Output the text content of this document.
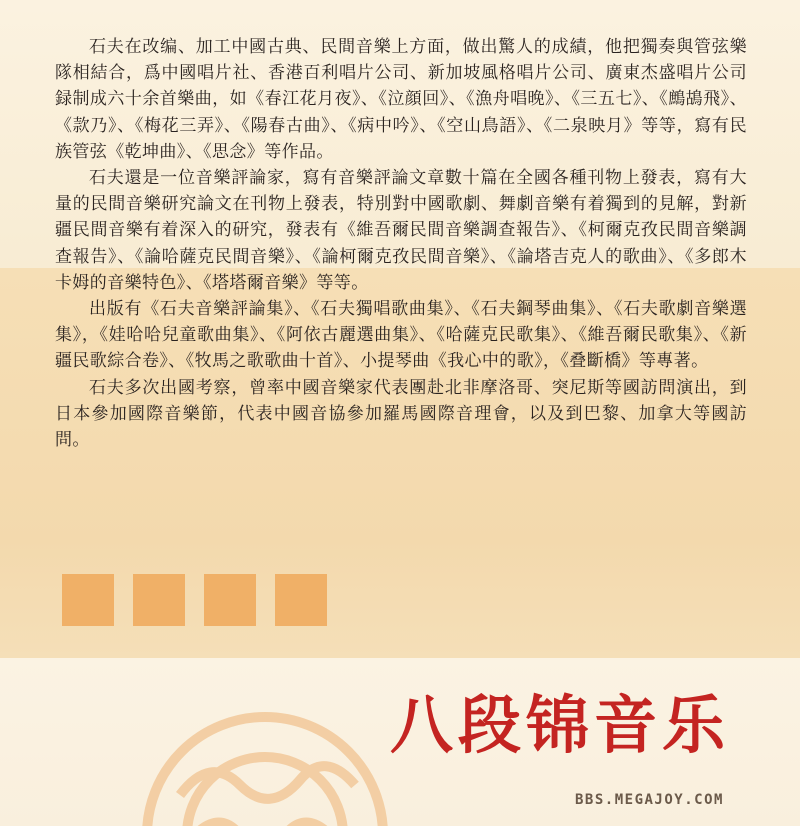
石夫在改编、加工中國古典、民間音樂上方面，做出驚人的成績，他把獨奏與管弦樂隊相結合，爲中國唱片社、香港百利唱片公司、新加坡風格唱片公司、廣東杰盛唱片公司録制成六十余首樂曲，如《春江花月夜》、《泣顔回》、《漁舟唱晚》、《三五七》、《鷓鴣飛》、《款乃》、《梅花三弄》、《陽春古曲》、《病中吟》、《空山鳥語》、《二泉映月》等等，寫有民族管弦《乾坤曲》、《思念》等作品。

石夫還是一位音樂評論家，寫有音樂評論文章數十篇在全國各種刊物上發表，寫有大量的民間音樂研究論文在刊物上發表，特別對中國歌劇、舞劇音樂有着獨到的見解，對新疆民間音樂有着深入的研究，發表有《維吾爾民間音樂調查報告》、《柯爾克孜民間音樂調查報告》、《論哈薩克民間音樂》、《論柯爾克孜民間音樂》、《論塔吉克人的歌曲》、《多郎木卡姆的音樂特色》、《塔塔爾音樂》等等。

出版有《石夫音樂評論集》、《石夫獨唱歌曲集》、《石夫鋼琴曲集》、《石夫歌劇音樂選集》，《娃哈哈兒童歌曲集》、《阿依古麗選曲集》、《哈薩克民歌集》、《維吾爾民歌集》、《新疆民歌綜合卷》、《牧馬之歌歌曲十首》、小提琴曲《我心中的歌》，《叠斷橋》等專著。

石夫多次出國考察，曾率中國音樂家代表團赴北非摩洛哥、突尼斯等國訪問演出，到日本參加國際音樂節，代表中國音協參加羅馬國際音理會，以及到巴黎、加拿大等國訪問。

八段锦音乐
BBS.MEGAJOY.COM
